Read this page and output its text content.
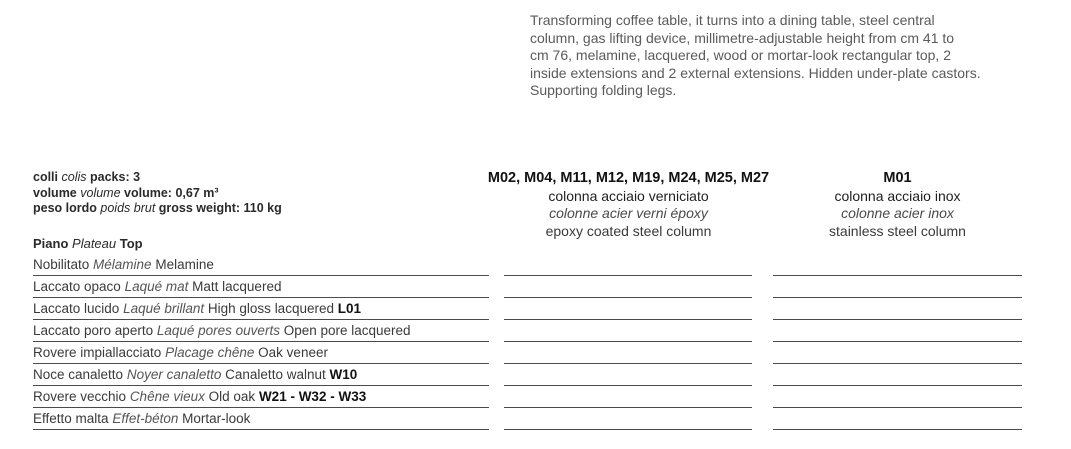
Transforming coffee table, it turns into a dining table, steel central
column, gas lifting device, millimetre-adjustable height from cm 41 to
cm 76, melamine, lacquered, wood or mortar-look rectangular top, 2
inside extensions and 2 external extensions. Hidden under-plate castors.
Supporting folding legs.
colli colis packs: 3
volume volume volume: 0,67 m³
peso lordo poids brut gross weight: 110 kg
Piano Plateau Top
M02, M04, M11, M12, M19, M24, M25, M27
colonna acciaio verniciato
colonne acier verni époxy
epoxy coated steel column
M01
colonna acciaio inox
colonne acier inox
stainless steel column
Nobilitato Mélamine Melamine
Laccato opaco Laqué mat Matt lacquered
Laccato lucido Laqué brillant High gloss lacquered L01
Laccato poro aperto Laqué pores ouverts Open pore lacquered
Rovere impiallacciato Placage chêne Oak veneer
Noce canaletto Noyer canaletto Canaletto walnut W10
Rovere vecchio Chêne vieux Old oak W21 - W32 - W33
Effetto malta Effet-béton Mortar-look
